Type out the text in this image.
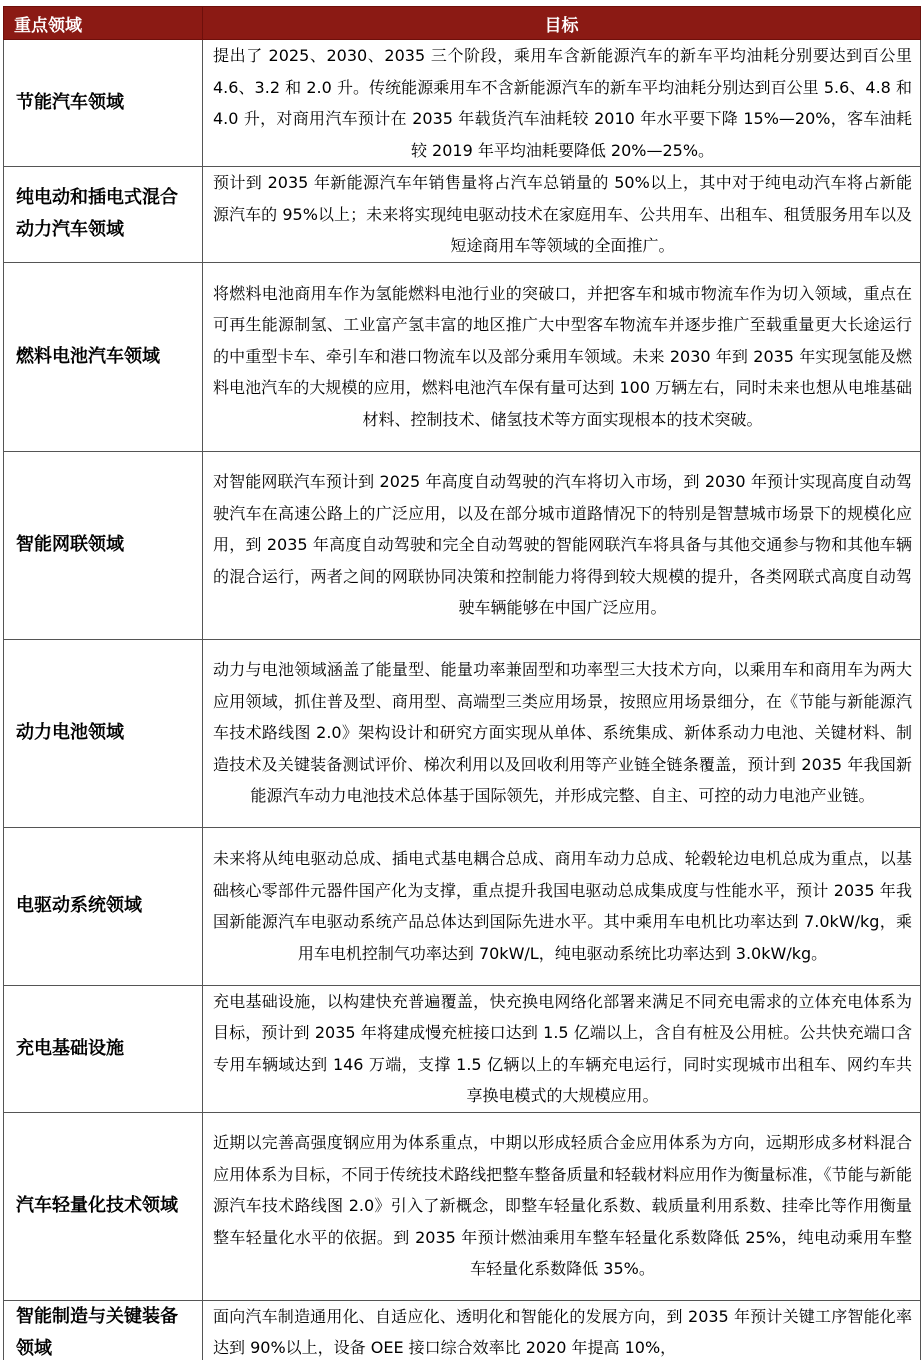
重点领域	目标
节能汽车领域	提出了 2025、2030、2035 三个阶段，乘用车含新能源汽车的新车平均油耗分别要达到百公里 4.6、3.2 和 2.0 升。传统能源乘用车不含新能源汽车的新车平均油耗分别达到百公里 5.6、4.8 和 4.0 升，对商用汽车预计在 2035 年载货汽车油耗较 2010 年水平要下降 15%—20%，客车油耗较 2019 年平均油耗要降低 20%—25%。
纯电动和插电式混合动力汽车领域	预计到 2035 年新能源汽车年销售量将占汽车总销量的 50%以上，其中对于纯电动汽车将占新能源汽车的 95%以上；未来将实现纯电驱动技术在家庭用车、公共用车、出租车、租赁服务用车以及短途商用车等领域的全面推广。
燃料电池汽车领域	将燃料电池商用车作为氢能燃料电池行业的突破口，并把客车和城市物流车作为切入领域，重点在可再生能源制氢、工业富产氢丰富的地区推广大中型客车物流车并逐步推广至载重量更大长途运行的中重型卡车、牵引车和港口物流车以及部分乘用车领域。未来 2030 年到 2035 年实现氢能及燃料电池汽车的大规模的应用，燃料电池汽车保有量可达到 100 万辆左右，同时未来也想从电堆基础材料、控制技术、储氢技术等方面实现根本的技术突破。
智能网联领域	对智能网联汽车预计到 2025 年高度自动驾驶的汽车将切入市场，到 2030 年预计实现高度自动驾驶汽车在高速公路上的广泛应用，以及在部分城市道路情况下的特别是智慧城市场景下的规模化应用，到 2035 年高度自动驾驶和完全自动驾驶的智能网联汽车将具备与其他交通参与物和其他车辆的混合运行，两者之间的网联协同决策和控制能力将得到较大规模的提升，各类网联式高度自动驾驶车辆能够在中国广泛应用。
动力电池领域	动力与电池领域涵盖了能量型、能量功率兼固型和功率型三大技术方向，以乘用车和商用车为两大应用领域，抓住普及型、商用型、高端型三类应用场景，按照应用场景细分，在《节能与新能源汽车技术路线图 2.0》架构设计和研究方面实现从单体、系统集成、新体系动力电池、关键材料、制造技术及关键装备测试评价、梯次利用以及回收利用等产业链全链条覆盖，预计到 2035 年我国新能源汽车动力电池技术总体基于国际领先，并形成完整、自主、可控的动力电池产业链。
电驱动系统领域	未来将从纯电驱动总成、插电式基电耦合总成、商用车动力总成、轮毂轮边电机总成为重点，以基础核心零部件元器件国产化为支撑，重点提升我国电驱动总成集成度与性能水平，预计 2035 年我国新能源汽车电驱动系统产品总体达到国际先进水平。其中乘用车电机比功率达到 7.0kW/kg，乘用车电机控制气功率达到 70kW/L，纯电驱动系统比功率达到 3.0kW/kg。
充电基础设施	充电基础设施，以构建快充普遍覆盖，快充换电网络化部署来满足不同充电需求的立体充电体系为目标，预计到 2035 年将建成慢充桩接口达到 1.5 亿端以上，含自有桩及公用桩。公共快充端口含专用车辆域达到 146 万端，支撑 1.5 亿辆以上的车辆充电运行，同时实现城市出租车、网约车共享换电模式的大规模应用。
汽车轻量化技术领域	近期以完善高强度钢应用为体系重点，中期以形成轻质合金应用体系为方向，远期形成多材料混合应用体系为目标，不同于传统技术路线把整车整备质量和轻载材料应用作为衡量标准，《节能与新能源汽车技术路线图 2.0》引入了新概念，即整车轻量化系数、载质量利用系数、挂牵比等作用衡量整车轻量化水平的依据。到 2035 年预计燃油乘用车整车轻量化系数降低 25%，纯电动乘用车整车轻量化系数降低 35%。
智能制造与关键装备领域	面向汽车制造通用化、自适应化、透明化和智能化的发展方向，到 2035 年预计关键工序智能化率达到 90%以上，设备 OEE 接口综合效率比 2020 年提高 10%，
